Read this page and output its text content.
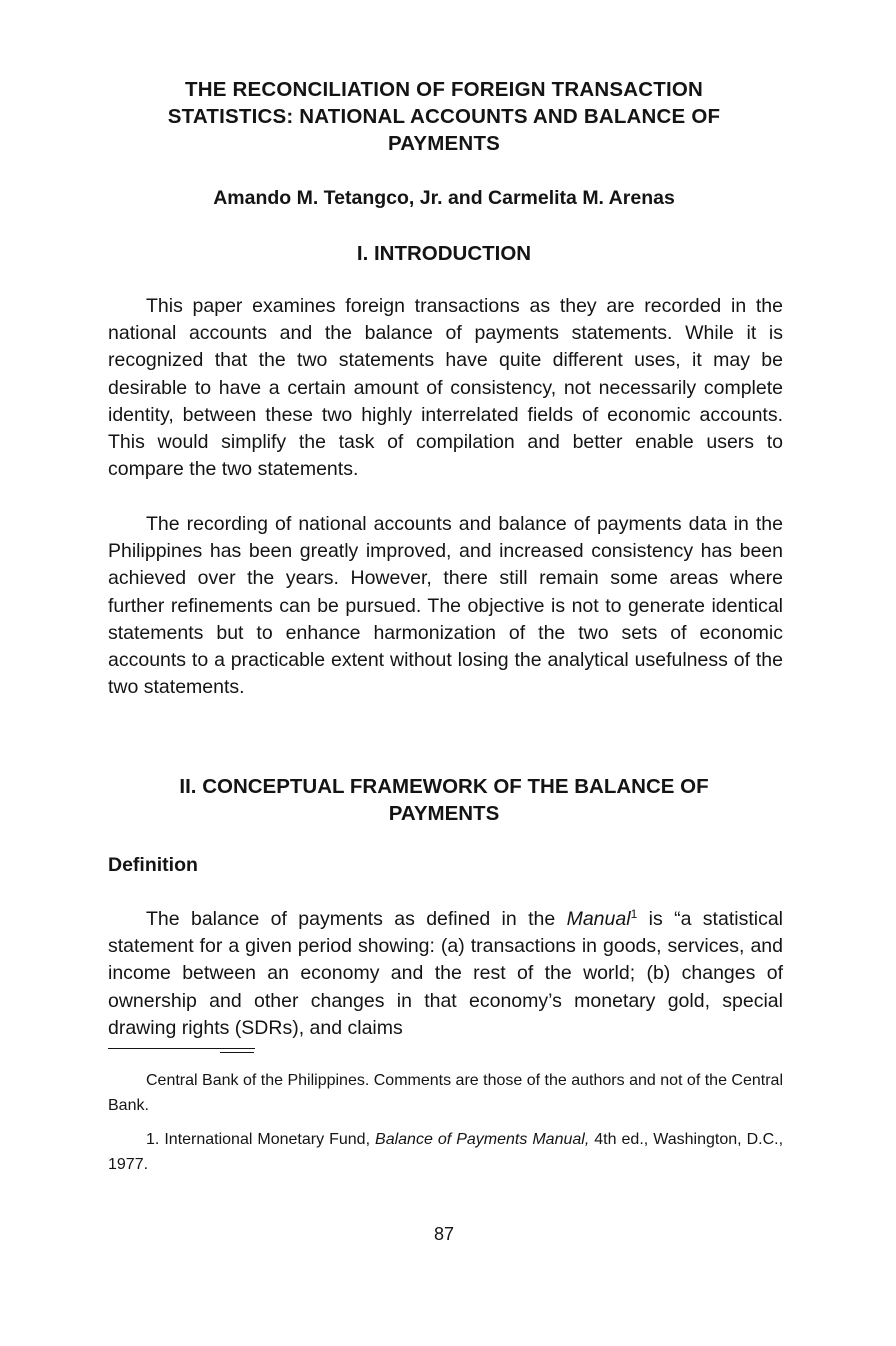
THE RECONCILIATION OF FOREIGN TRANSACTION
STATISTICS: NATIONAL ACCOUNTS AND BALANCE OF
PAYMENTS
Amando M. Tetangco, Jr. and Carmelita M. Arenas
I. INTRODUCTION

This paper examines foreign transactions as they are recorded in the national accounts and the balance of payments statements. While it is recognized that the two statements have quite different uses, it may be desirable to have a certain amount of consistency, not necessarily complete identity, between these two highly interrelated fields of economic accounts. This would simplify the task of compilation and better enable users to compare the two statements.

The recording of national accounts and balance of payments data in the Philippines has been greatly improved, and increased consistency has been achieved over the years. However, there still remain some areas where further refinements can be pursued. The objective is not to generate identical statements but to enhance harmonization of the two sets of economic accounts to a practicable extent without losing the analytical usefulness of the two statements.

II. CONCEPTUAL FRAMEWORK OF THE BALANCE OF
PAYMENTS
Definition

The balance of payments as defined in the Manual$^1$ is “a statistical statement for a given period showing: (a) transactions in goods, services, and income between an economy and the rest of the world; (b) changes of ownership and other changes in that economy’s monetary gold, special drawing rights (SDRs), and claims

Central Bank of the Philippines. Comments are those of the authors and not of the Central Bank.

1. International Monetary Fund, Balance of Payments Manual, 4th ed., Washington, D.C., 1977.

87
